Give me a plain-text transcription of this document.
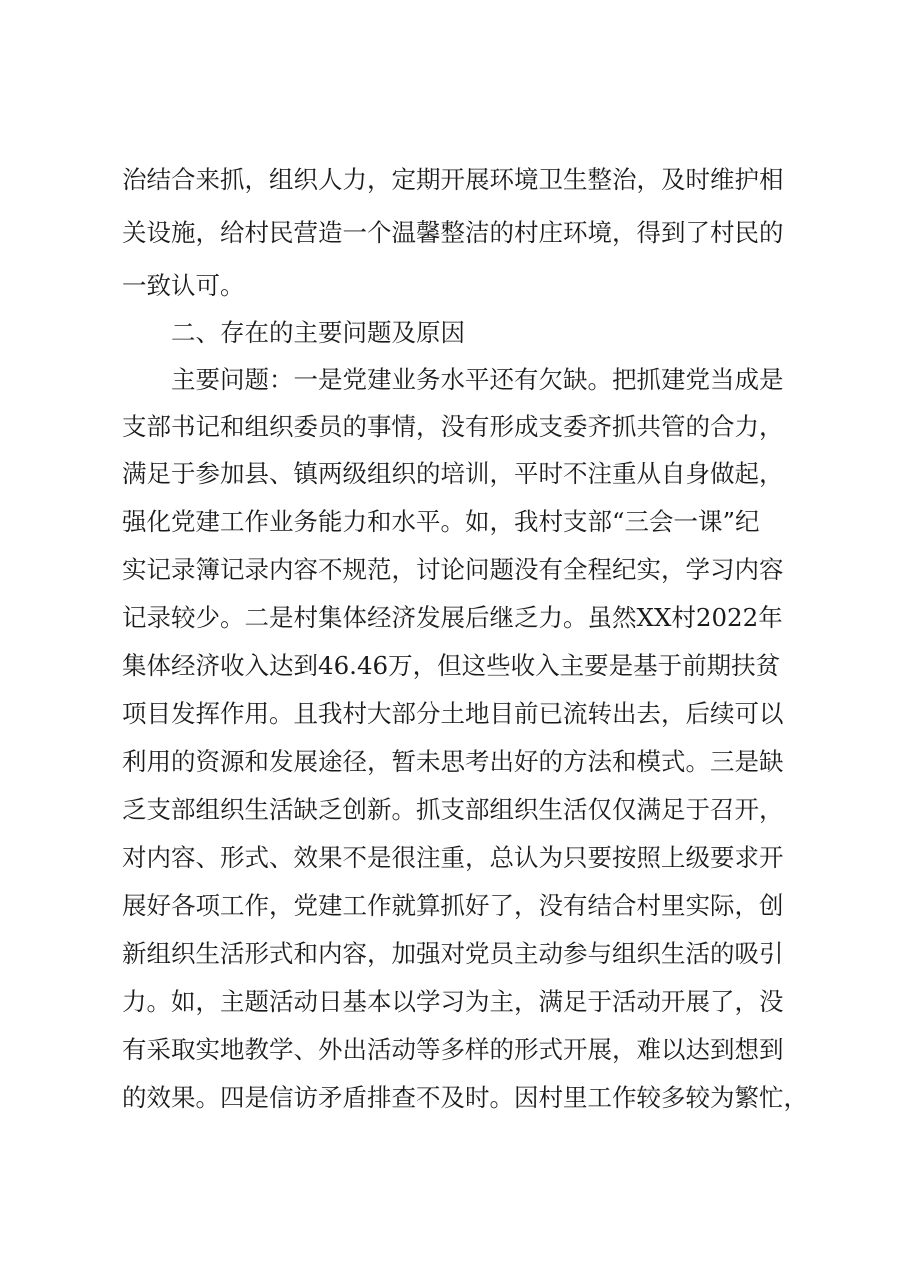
治结合来抓，组织人力，定期开展环境卫生整治，及时维护相
关设施，给村民营造一个温馨整洁的村庄环境，得到了村民的
一致认可。
二、存在的主要问题及原因
主要问题：一是党建业务水平还有欠缺。把抓建党当成是
支部书记和组织委员的事情，没有形成支委齐抓共管的合力，
满足于参加县、镇两级组织的培训，平时不注重从自身做起，
强化党建工作业务能力和水平。如，我村支部“三会一课”纪
实记录簿记录内容不规范，讨论问题没有全程纪实，学习内容
记录较少。二是村集体经济发展后继乏力。虽然XX村2022年
集体经济收入达到46.46万，但这些收入主要是基于前期扶贫
项目发挥作用。且我村大部分土地目前已流转出去，后续可以
利用的资源和发展途径，暂未思考出好的方法和模式。三是缺
乏支部组织生活缺乏创新。抓支部组织生活仅仅满足于召开，
对内容、形式、效果不是很注重，总认为只要按照上级要求开
展好各项工作，党建工作就算抓好了，没有结合村里实际，创
新组织生活形式和内容，加强对党员主动参与组织生活的吸引
力。如，主题活动日基本以学习为主，满足于活动开展了，没
有采取实地教学、外出活动等多样的形式开展，难以达到想到
的效果。四是信访矛盾排查不及时。因村里工作较多较为繁忙，
